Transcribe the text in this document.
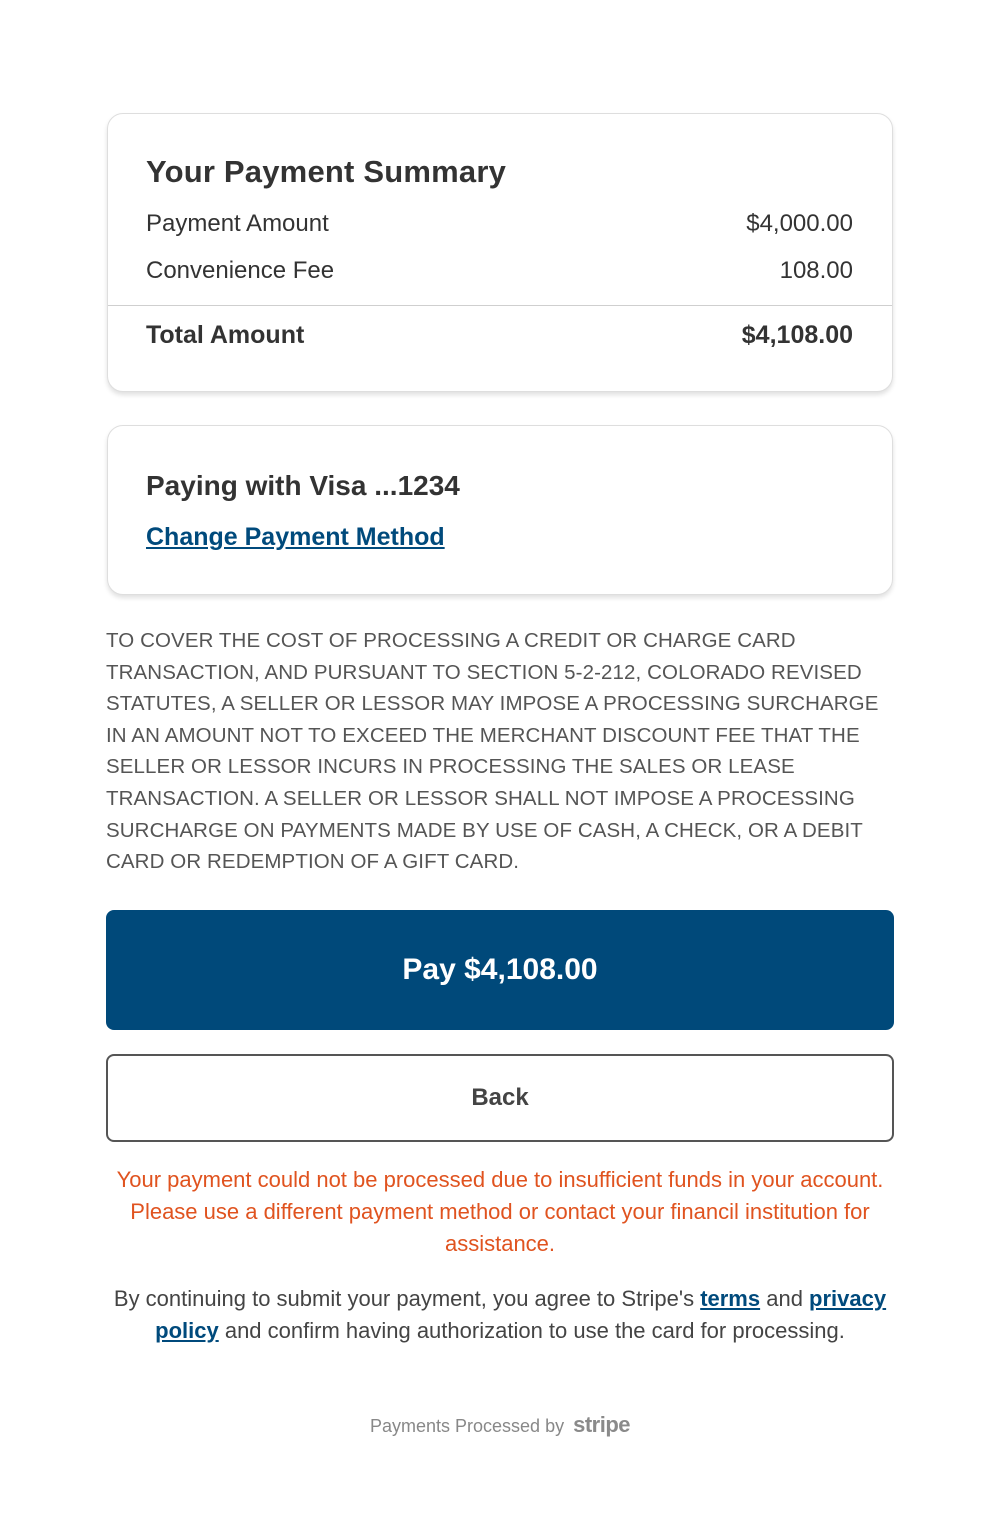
Your Payment Summary
Payment Amount	$4,000.00
Convenience Fee	108.00
Total Amount	$4,108.00
Paying with Visa ...1234
Change Payment Method
TO COVER THE COST OF PROCESSING A CREDIT OR CHARGE CARD TRANSACTION, AND PURSUANT TO SECTION 5-2-212, COLORADO REVISED STATUTES, A SELLER OR LESSOR MAY IMPOSE A PROCESSING SURCHARGE IN AN AMOUNT NOT TO EXCEED THE MERCHANT DISCOUNT FEE THAT THE SELLER OR LESSOR INCURS IN PROCESSING THE SALES OR LEASE TRANSACTION. A SELLER OR LESSOR SHALL NOT IMPOSE A PROCESSING SURCHARGE ON PAYMENTS MADE BY USE OF CASH, A CHECK, OR A DEBIT CARD OR REDEMPTION OF A GIFT CARD.
Pay $4,108.00
Back
Your payment could not be processed due to insufficient funds in your account. Please use a different payment method or contact your financil institution for assistance.
By continuing to submit your payment, you agree to Stripe's terms and privacy policy and confirm having authorization to use the card for processing.
Payments Processed by stripe
